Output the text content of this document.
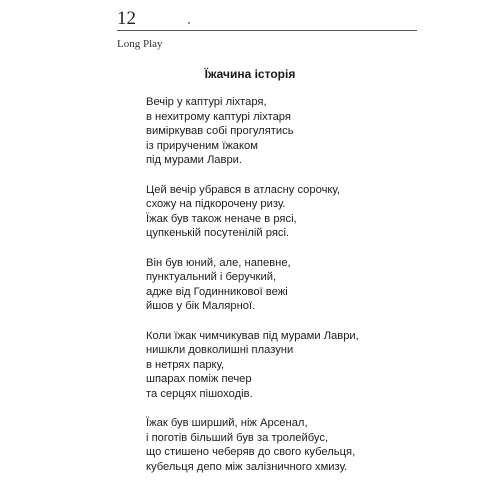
12
Long Play
Їжачина історія
Вечір у каптурі ліхтаря,
в нехитрому каптурі ліхтаря
виміркував собі прогулятись
із прирученим їжаком
під мурами Лаври.
Цей вечір убрався в атласну сорочку,
схожу на підкорочену ризу.
Їжак був також неначе в рясі,
цупкенькій посутенілій рясі.
Він був юний, але, напевне,
пунктуальний і беручкий,
адже від Годинникової вежі
йшов у бік Малярної.
Коли їжак чимчикував під мурами Лаври,
нишкли довколишні плазуни
в нетрях парку,
шпарах поміж печер
та серцях пішоходів.
Їжак був ширший, ніж Арсенал,
і поготів більший був за тролейбус,
що стишено чеберяв до свого кубельця,
кубельця депо між залізничного хмизу.
